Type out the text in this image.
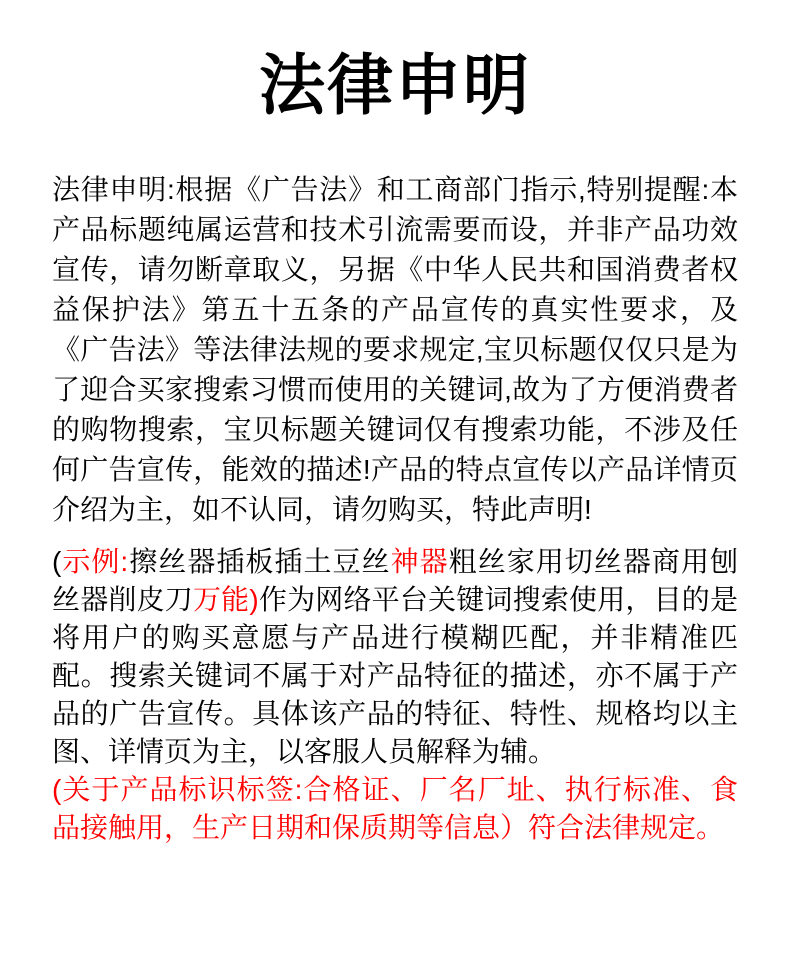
法律申明

法律申明:根据《广告法》和工商部门指示,特别提醒:本产品标题纯属运营和技术引流需要而设，并非产品功效宣传，请勿断章取义，另据《中华人民共和国消费者权益保护法》第五十五条的产品宣传的真实性要求，及《广告法》等法律法规的要求规定,宝贝标题仅仅只是为了迎合买家搜索习惯而使用的关键词,故为了方便消费者的购物搜索，宝贝标题关键词仅有搜索功能，不涉及任何广告宣传，能效的描述!产品的特点宣传以产品详情页介绍为主，如不认同，请勿购买，特此声明!

(示例:擦丝器插板插土豆丝神器粗丝家用切丝器商用刨丝器削皮刀万能)作为网络平台关键词搜索使用，目的是将用户的购买意愿与产品进行模糊匹配，并非精准匹配。搜索关键词不属于对产品特征的描述，亦不属于产品的广告宣传。具体该产品的特征、特性、规格均以主图、详情页为主，以客服人员解释为辅。

(关于产品标识标签:合格证、厂名厂址、执行标准、食品接触用，生产日期和保质期等信息）符合法律规定。
